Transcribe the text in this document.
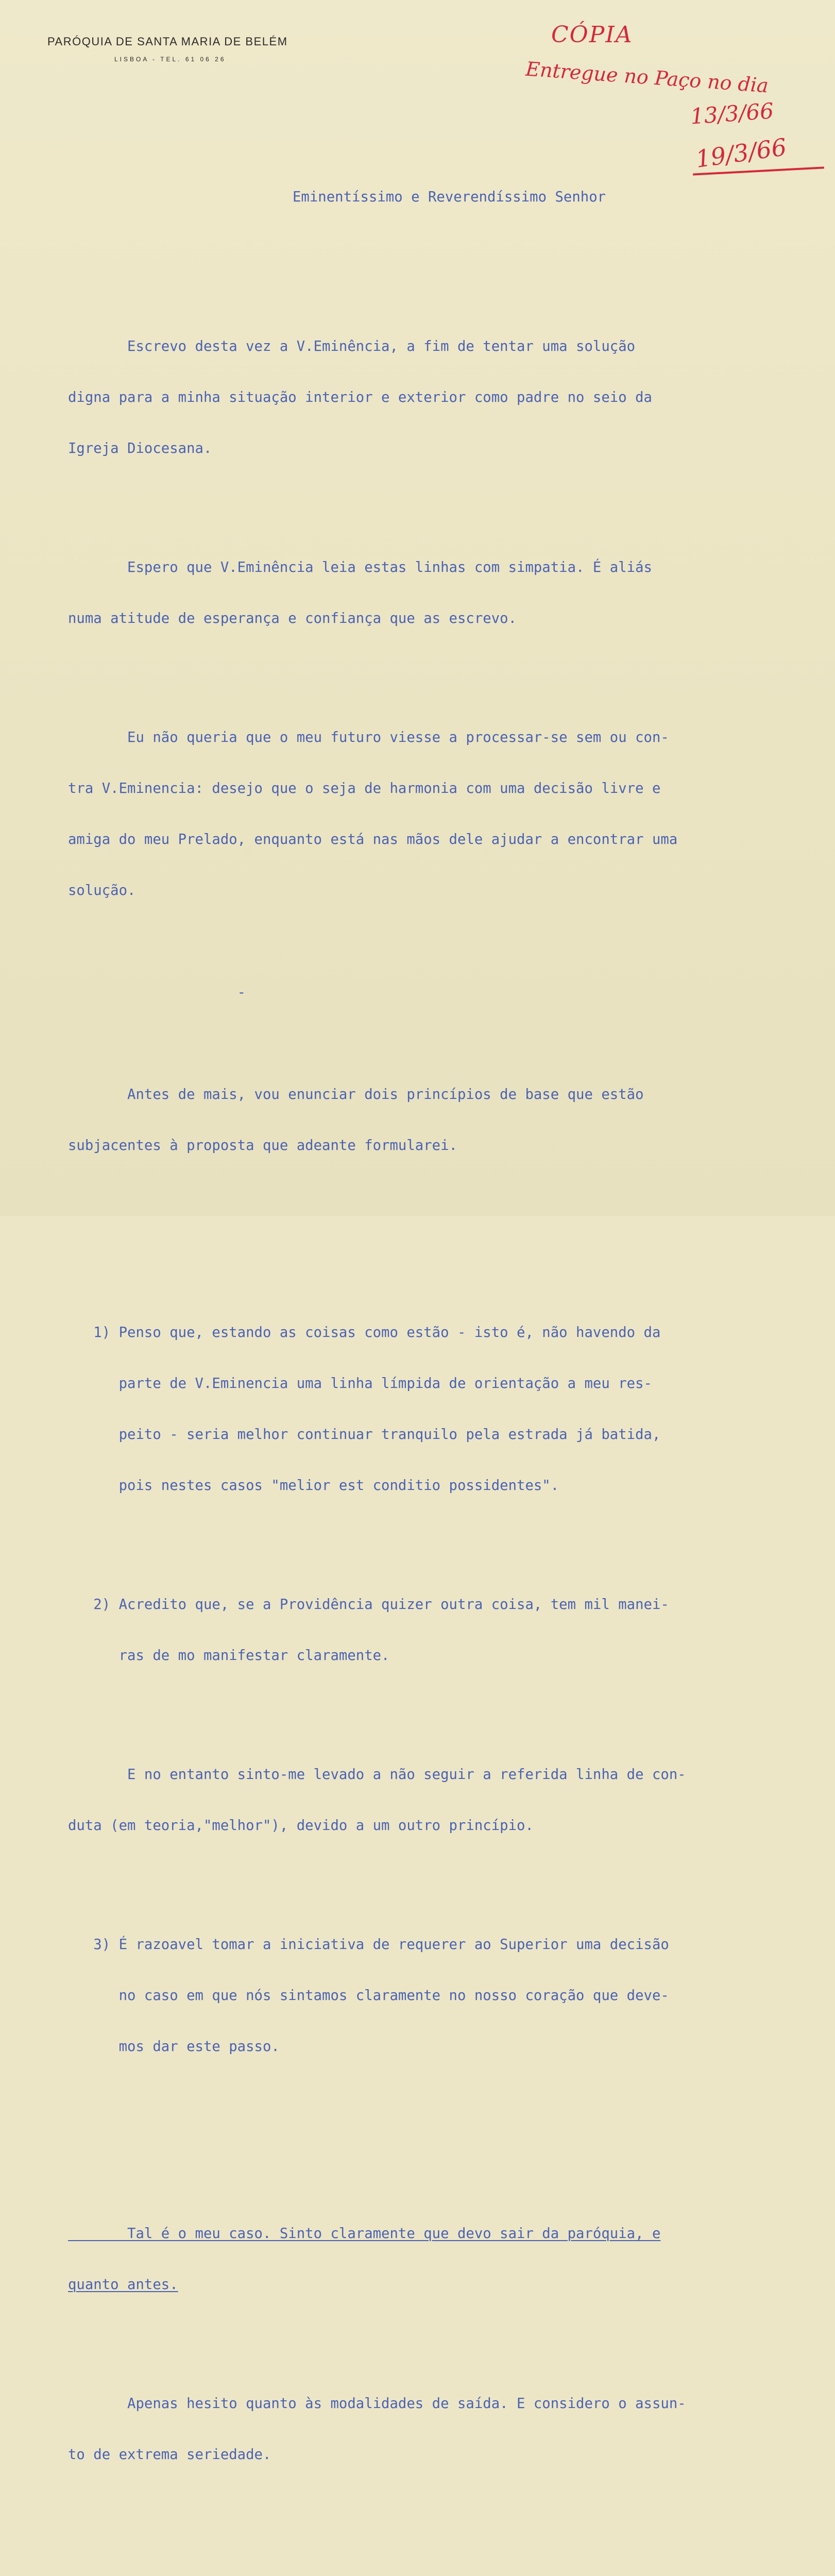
PARÓQUIA DE SANTA MARIA DE BELÉM
LISBOA - TEL. 61 06 26
CÓPIA
Entregue no Paço no dia
13/3/66
19/3/66

Eminentíssimo e Reverendíssimo Senhor

Escrevo desta vez a V.Eminência, a fim de tentar uma solução

digna para a minha situação interior e exterior como padre no seio da

Igreja Diocesana.

Espero que V.Eminência leia estas linhas com simpatia. É aliás

numa atitude de esperança e confiança que as escrevo.

Eu não queria que o meu futuro viesse a processar-se sem ou con-

tra V.Eminencia: desejo que o seja de harmonia com uma decisão livre e

amiga do meu Prelado, enquanto está nas mãos dele ajudar a encontrar uma

solução.

-

Antes de mais, vou enunciar dois princípios de base que estão

subjacentes à proposta que adeante formularei.

1) Penso que, estando as coisas como estão - isto é, não havendo da

parte de V.Eminencia uma linha límpida de orientação a meu res-

peito - seria melhor continuar tranquilo pela estrada já batida,

pois nestes casos "melior est conditio possidentes".

2) Acredito que, se a Providência quizer outra coisa, tem mil manei-

ras de mo manifestar claramente.

E no entanto sinto-me levado a não seguir a referida linha de con-

duta (em teoria,"melhor"), devido a um outro princípio.

3) É razoavel tomar a iniciativa de requerer ao Superior uma decisão

no caso em que nós sintamos claramente no nosso coração que deve-

mos dar este passo.

Tal é o meu caso. Sinto claramente que devo sair da paróquia, e

quanto antes.

Apenas hesito quanto às modalidades de saída. E considero o assun-

to de extrema seriedade.
